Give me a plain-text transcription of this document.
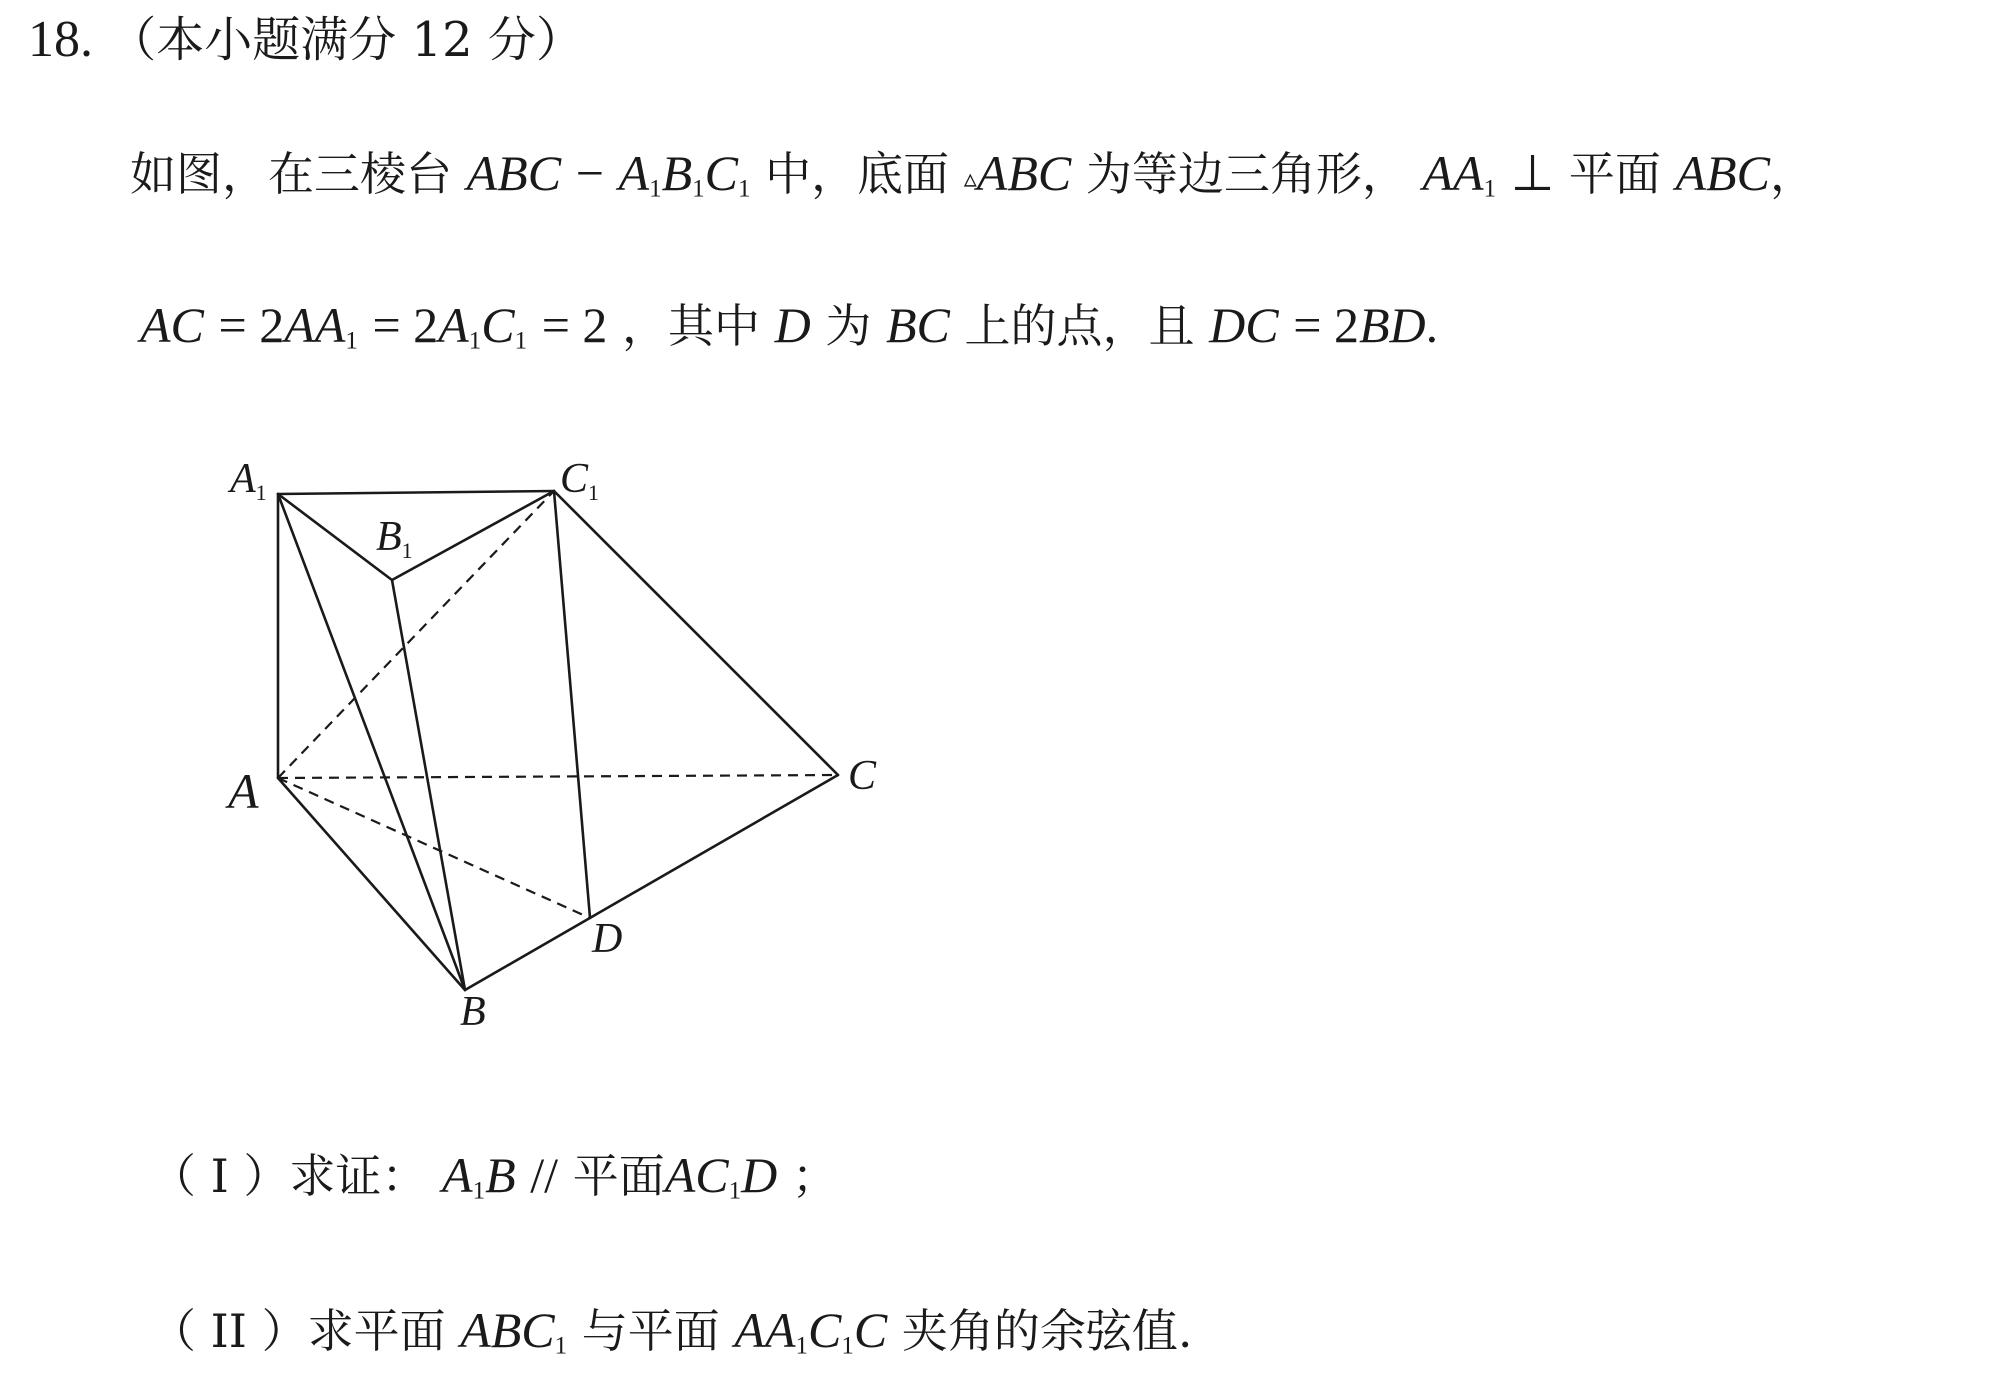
18. （本小题满分 12 分）
如图，在三棱台 ABC − $A_1B_1C_1$ 中，底面 ▵ABC 为等边三角形， $AA_1$ ⊥ 平面 ABC，
AC = $2AA_1 = 2A_1C_1 = 2$ ，其中 D 为 BC 上的点，且 DC = 2BD.
A1	C1
B1
A	C
D
B
（ I ）求证： $A_1B$ // 平面$AC_1D$ ；
（ II ）求平面 $ABC_1$ 与平面 $AA_1C_1C$ 夹角的余弦值.
